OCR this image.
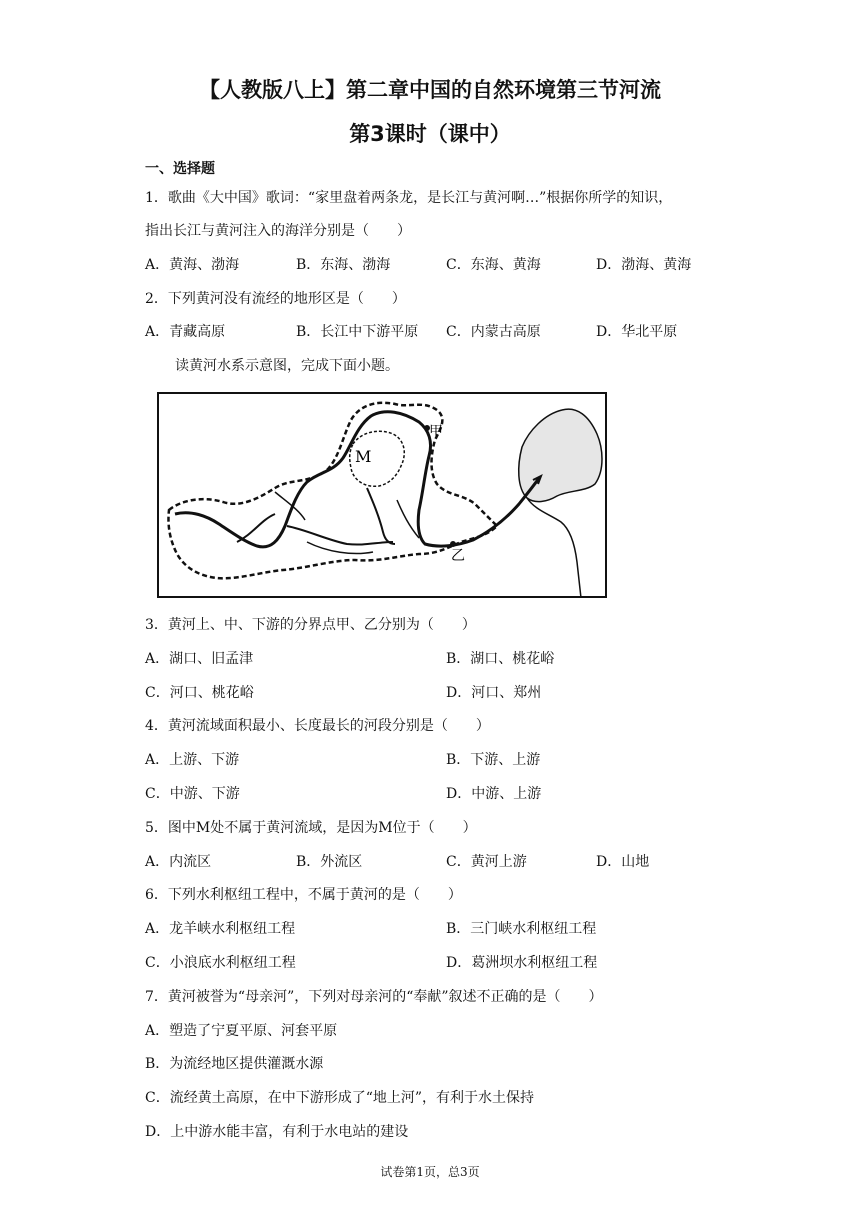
【人教版八上】第二章中国的自然环境第三节河流
第3课时（课中）
一、选择题
1．歌曲《大中国》歌词：“家里盘着两条龙，是长江与黄河啊…”根据你所学的知识，
指出长江与黄河注入的海洋分别是（　　）
A．黄海、渤海	B．东海、渤海	C．东海、黄海	D．渤海、黄海
2．下列黄河没有流经的地形区是（　　）
A．青藏高原	B．长江中下游平原 C．内蒙古高原	D．华北平原
读黄河水系示意图，完成下面小题。
M
甲
乙
3．黄河上、中、下游的分界点甲、乙分别为（　　）
A．湖口、旧孟津	B．湖口、桃花峪
C．河口、桃花峪	D．河口、郑州
4．黄河流域面积最小、长度最长的河段分别是（　　）
A．上游、下游	B．下游、上游
C．中游、下游	D．中游、上游
5．图中M处不属于黄河流域，是因为M位于（　　）
A．内流区	B．外流区	C．黄河上游	D．山地
6．下列水利枢纽工程中，不属于黄河的是（　　）
A．龙羊峡水利枢纽工程	B．三门峡水利枢纽工程
C．小浪底水利枢纽工程	D．葛洲坝水利枢纽工程
7．黄河被誉为“母亲河”，下列对母亲河的“奉献”叙述不正确的是（　　）
A．塑造了宁夏平原、河套平原
B．为流经地区提供灌溉水源
C．流经黄土高原，在中下游形成了“地上河”，有利于水土保持
D．上中游水能丰富，有利于水电站的建设
试卷第1页，总3页
